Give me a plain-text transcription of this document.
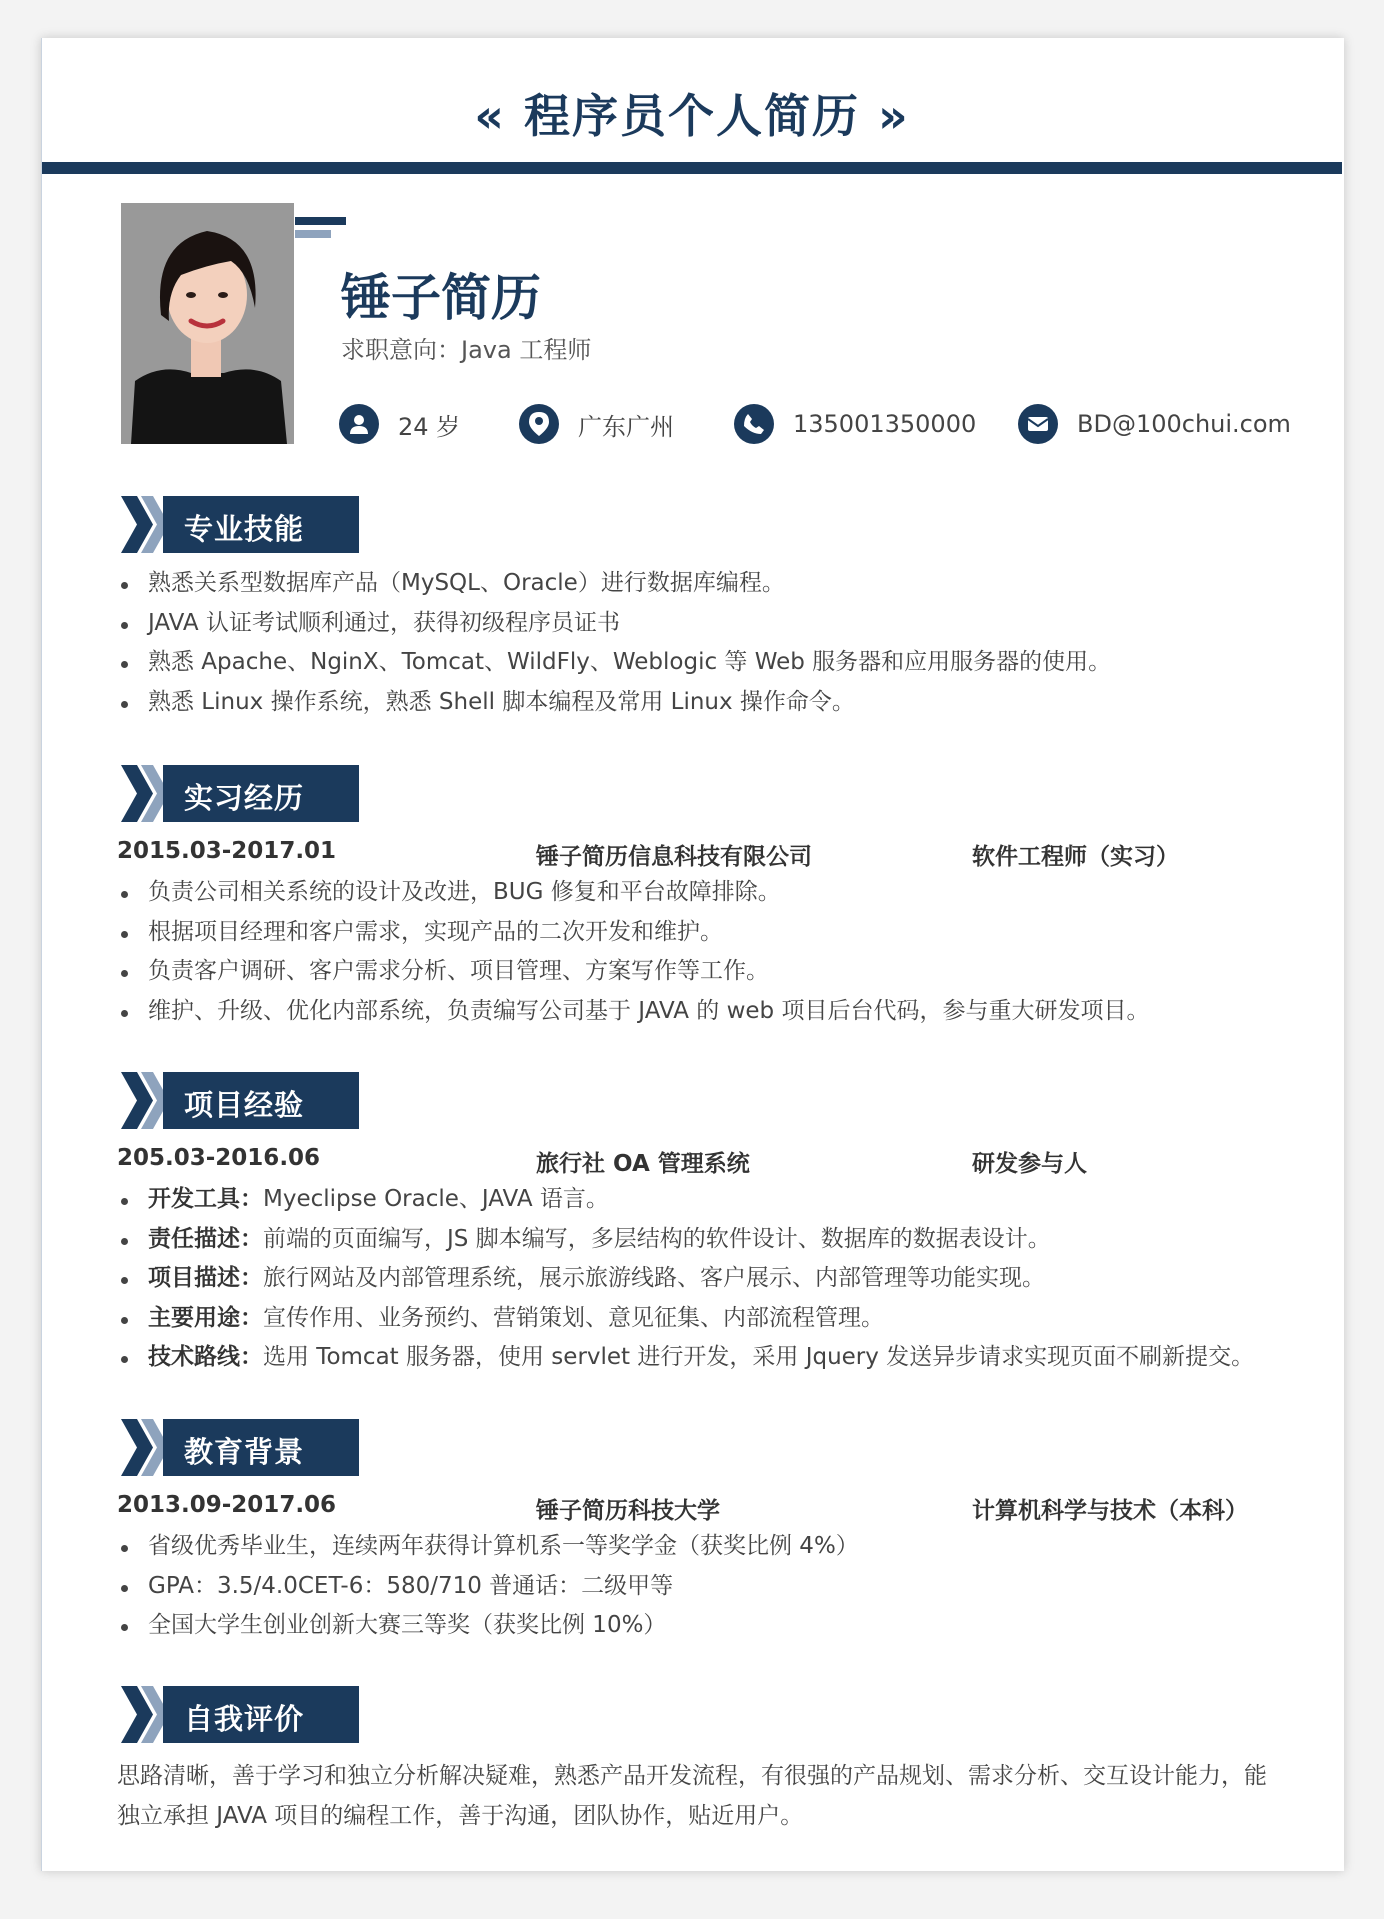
« 程序员个人简历 »
锤子简历
求职意向：Java 工程师
24 岁	广东广州	135001350000	BD@100chui.com
专业技能
熟悉关系型数据库产品（MySQL、Oracle）进行数据库编程。
JAVA 认证考试顺利通过，获得初级程序员证书
熟悉 Apache、NginX、Tomcat、WildFly、Weblogic 等 Web 服务器和应用服务器的使用。
熟悉 Linux 操作系统，熟悉 Shell 脚本编程及常用 Linux 操作命令。
实习经历
2015.03-2017.01	锤子简历信息科技有限公司	软件工程师（实习）
负责公司相关系统的设计及改进，BUG 修复和平台故障排除。
根据项目经理和客户需求，实现产品的二次开发和维护。
负责客户调研、客户需求分析、项目管理、方案写作等工作。
维护、升级、优化内部系统，负责编写公司基于 JAVA 的 web 项目后台代码，参与重大研发项目。
项目经验
205.03-2016.06	旅行社 OA 管理系统	研发参与人
开发工具：Myeclipse Oracle、JAVA 语言。
责任描述：前端的页面编写，JS 脚本编写，多层结构的软件设计、数据库的数据表设计。
项目描述：旅行网站及内部管理系统，展示旅游线路、客户展示、内部管理等功能实现。
主要用途：宣传作用、业务预约、营销策划、意见征集、内部流程管理。
技术路线：选用 Tomcat 服务器，使用 servlet 进行开发，采用 Jquery 发送异步请求实现页面不刷新提交。
教育背景
2013.09-2017.06	锤子简历科技大学	计算机科学与技术（本科）
省级优秀毕业生，连续两年获得计算机系一等奖学金（获奖比例 4%）
GPA：3.5/4.0CET-6：580/710 普通话：二级甲等
全国大学生创业创新大赛三等奖（获奖比例 10%）
自我评价
思路清晰，善于学习和独立分析解决疑难，熟悉产品开发流程，有很强的产品规划、需求分析、交互设计能力，能独立承担 JAVA 项目的编程工作，善于沟通，团队协作，贴近用户。
